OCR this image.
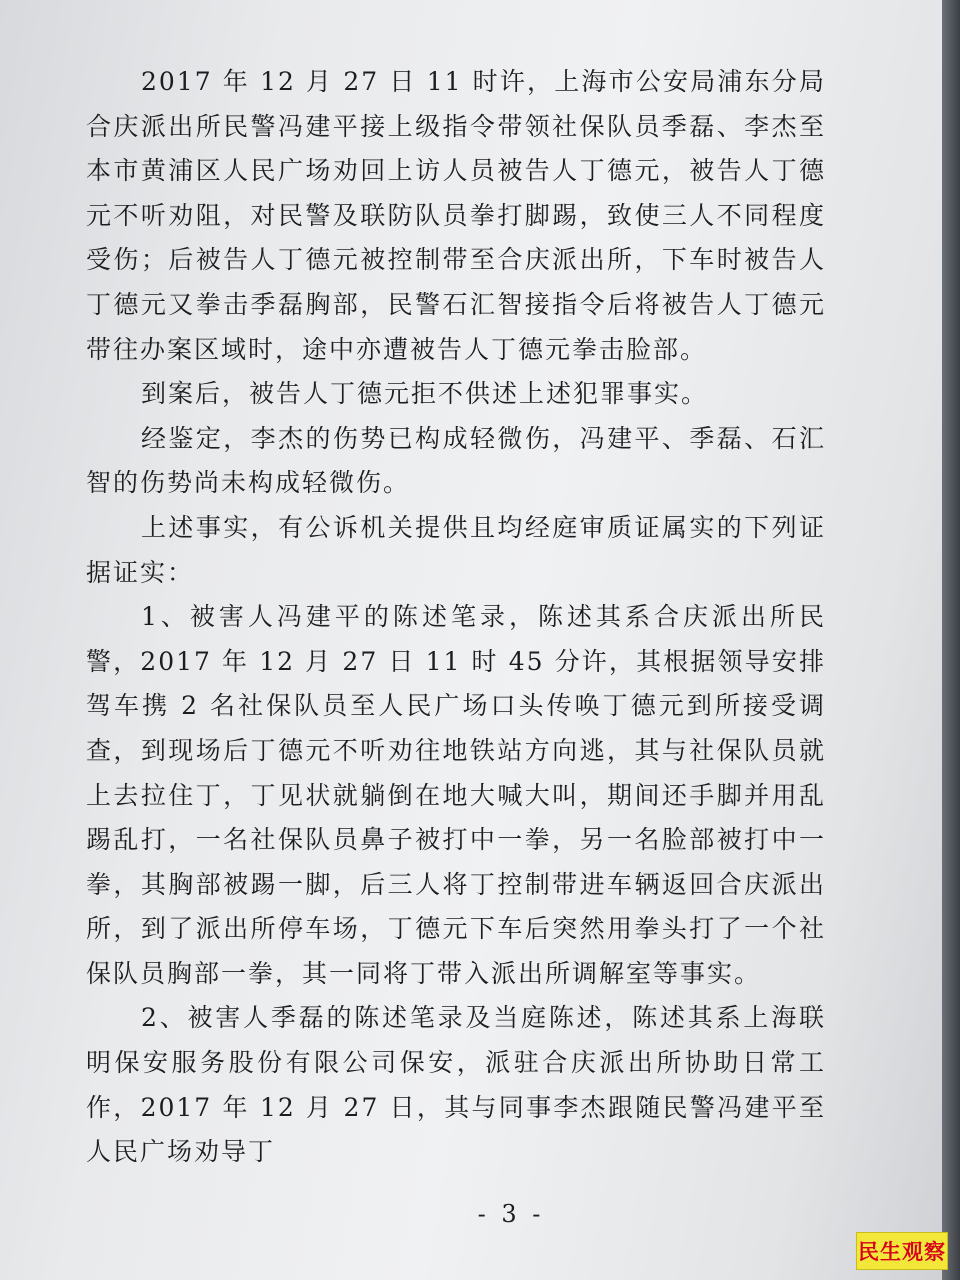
2017 年 12 月 27 日 11 时许，上海市公安局浦东分局合庆派出所民警冯建平接上级指令带领社保队员季磊、李杰至本市黄浦区人民广场劝回上访人员被告人丁德元，被告人丁德元不听劝阻，对民警及联防队员拳打脚踢，致使三人不同程度受伤；后被告人丁德元被控制带至合庆派出所，下车时被告人丁德元又拳击季磊胸部，民警石汇智接指令后将被告人丁德元带往办案区域时，途中亦遭被告人丁德元拳击脸部。

到案后，被告人丁德元拒不供述上述犯罪事实。

经鉴定，李杰的伤势已构成轻微伤，冯建平、季磊、石汇智的伤势尚未构成轻微伤。

上述事实，有公诉机关提供且均经庭审质证属实的下列证据证实：

1、被害人冯建平的陈述笔录，陈述其系合庆派出所民警，2017 年 12 月 27 日 11 时 45 分许，其根据领导安排驾车携 2 名社保队员至人民广场口头传唤丁德元到所接受调查，到现场后丁德元不听劝往地铁站方向逃，其与社保队员就上去拉住丁，丁见状就躺倒在地大喊大叫，期间还手脚并用乱踢乱打，一名社保队员鼻子被打中一拳，另一名脸部被打中一拳，其胸部被踢一脚，后三人将丁控制带进车辆返回合庆派出所，到了派出所停车场，丁德元下车后突然用拳头打了一个社保队员胸部一拳，其一同将丁带入派出所调解室等事实。

2、被害人季磊的陈述笔录及当庭陈述，陈述其系上海联明保安服务股份有限公司保安，派驻合庆派出所协助日常工作，2017 年 12 月 27 日，其与同事李杰跟随民警冯建平至人民广场劝导丁

- 3 -
民生观察
